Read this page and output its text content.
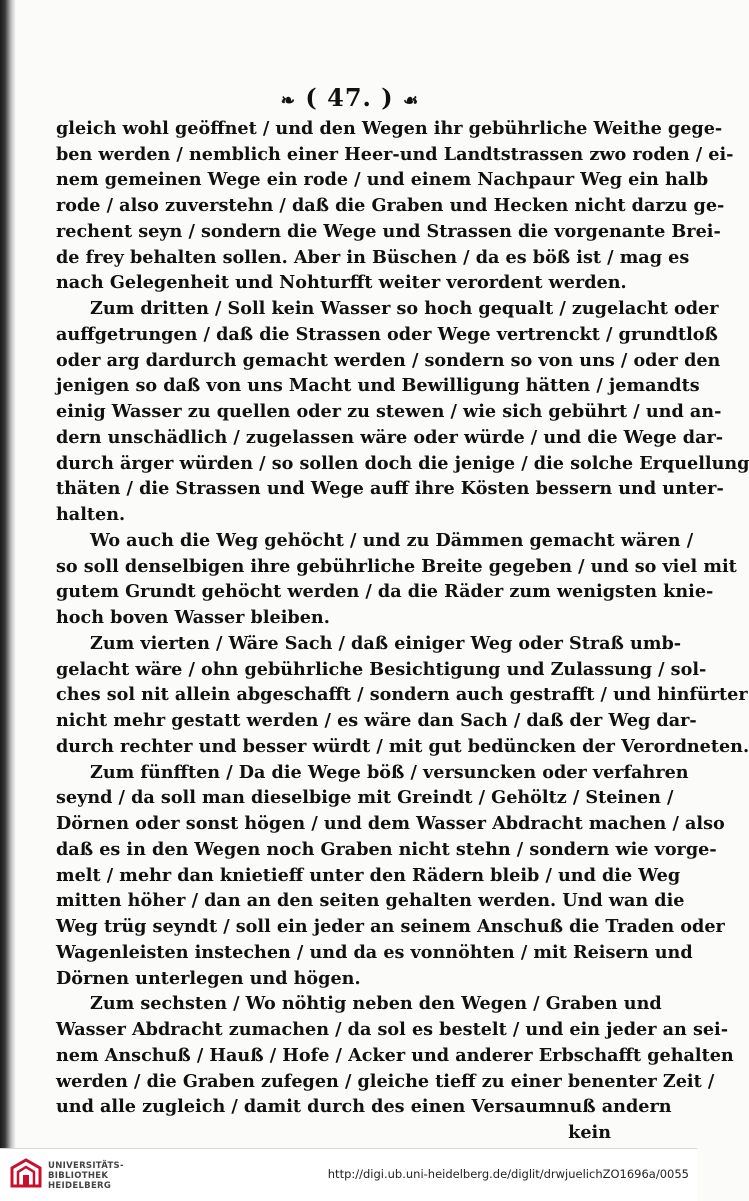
❧ ( 47. ) ☙
gleich wohl geöffnet / und den Wegen ihr gebührliche Weithe gege-
ben werden / nemblich einer Heer-und Landtstrassen zwo roden / ei-
nem gemeinen Wege ein rode / und einem Nachpaur Weg ein halb
rode / also zuverstehn / daß die Graben und Hecken nicht darzu ge-
rechent seyn / sondern die Wege und Strassen die vorgenante Brei-
de frey behalten sollen. Aber in Büschen / da es böß ist / mag es
nach Gelegenheit und Nohturfft weiter verordent werden.
Zum dritten / Soll kein Wasser so hoch gequalt / zugelacht oder
auffgetrungen / daß die Strassen oder Wege vertrenckt / grundtloß
oder arg dardurch gemacht werden / sondern so von uns / oder den
jenigen so daß von uns Macht und Bewilligung hätten / jemandts
einig Wasser zu quellen oder zu stewen / wie sich gebührt / und an-
dern unschädlich / zugelassen wäre oder würde / und die Wege dar-
durch ärger würden / so sollen doch die jenige / die solche Erquellung
thäten / die Strassen und Wege auff ihre Kösten bessern und unter-
halten.
Wo auch die Weg gehöcht / und zu Dämmen gemacht wären /
so soll denselbigen ihre gebührliche Breite gegeben / und so viel mit
gutem Grundt gehöcht werden / da die Räder zum wenigsten knie-
hoch boven Wasser bleiben.
Zum vierten / Wäre Sach / daß einiger Weg oder Straß umb-
gelacht wäre / ohn gebührliche Besichtigung und Zulassung / sol-
ches sol nit allein abgeschafft / sondern auch gestrafft / und hinfürter
nicht mehr gestatt werden / es wäre dan Sach / daß der Weg dar-
durch rechter und besser würdt / mit gut bedüncken der Verordneten.
Zum fünfften / Da die Wege böß / versuncken oder verfahren
seynd / da soll man dieselbige mit Greindt / Gehöltz / Steinen /
Dörnen oder sonst högen / und dem Wasser Abdracht machen / also
daß es in den Wegen noch Graben nicht stehn / sondern wie vorge-
melt / mehr dan knietieff unter den Rädern bleib / und die Weg
mitten höher / dan an den seiten gehalten werden. Und wan die
Weg trüg seyndt / soll ein jeder an seinem Anschuß die Traden oder
Wagenleisten instechen / und da es vonnöhten / mit Reisern und
Dörnen unterlegen und högen.
Zum sechsten / Wo nöhtig neben den Wegen / Graben und
Wasser Abdracht zumachen / da sol es bestelt / und ein jeder an sei-
nem Anschuß / Hauß / Hofe / Acker und anderer Erbschafft gehalten
werden / die Graben zufegen / gleiche tieff zu einer benenter Zeit /
und alle zugleich / damit durch des einen Versaumnuß andern
kein
UNIVERSITÄTS-
BIBLIOTHEK
HEIDELBERG
http://digi.ub.uni-heidelberg.de/diglit/drwjuelichZO1696a/0055
